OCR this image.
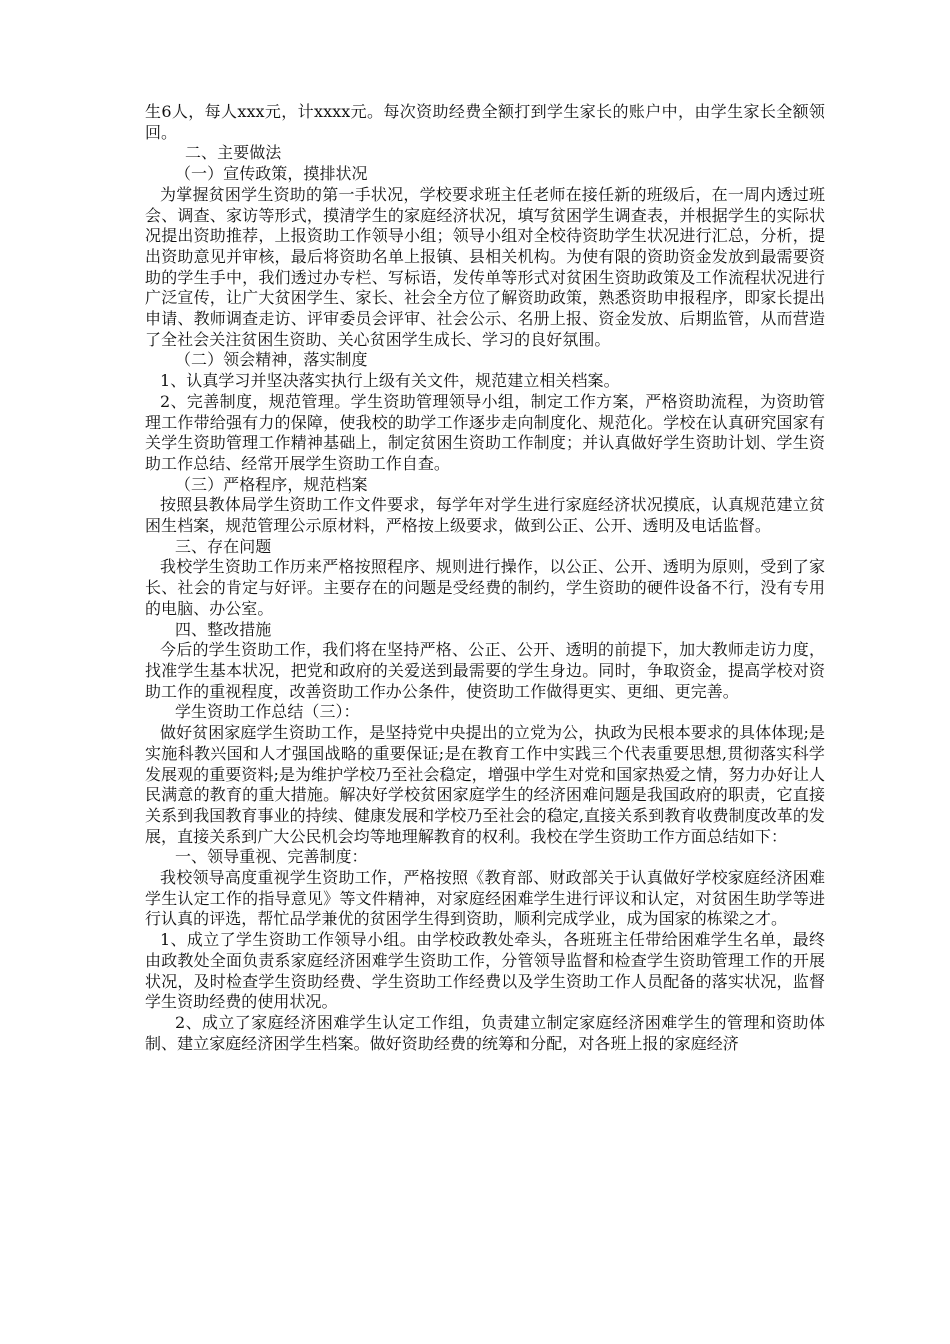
生6人，每人xxx元，计xxxx元。每次资助经费全额打到学生家长的账户中，由学生家长全额领回。

二、主要做法

（一）宣传政策，摸排状况

为掌握贫困学生资助的第一手状况，学校要求班主任老师在接任新的班级后，在一周内透过班会、调查、家访等形式，摸清学生的家庭经济状况，填写贫困学生调查表，并根据学生的实际状况提出资助推荐，上报资助工作领导小组；领导小组对全校待资助学生状况进行汇总，分析，提出资助意见并审核，最后将资助名单上报镇、县相关机构。为使有限的资助资金发放到最需要资助的学生手中，我们透过办专栏、写标语，发传单等形式对贫困生资助政策及工作流程状况进行广泛宣传，让广大贫困学生、家长、社会全方位了解资助政策，熟悉资助申报程序，即家长提出申请、教师调查走访、评审委员会评审、社会公示、名册上报、资金发放、后期监管，从而营造了全社会关注贫困生资助、关心贫困学生成长、学习的良好氛围。

（二）领会精神，落实制度

1、认真学习并坚决落实执行上级有关文件，规范建立相关档案。

2、完善制度，规范管理。学生资助管理领导小组，制定工作方案，严格资助流程，为资助管理工作带给强有力的保障，使我校的助学工作逐步走向制度化、规范化。学校在认真研究国家有关学生资助管理工作精神基础上，制定贫困生资助工作制度；并认真做好学生资助计划、学生资助工作总结、经常开展学生资助工作自查。

（三）严格程序，规范档案

按照县教体局学生资助工作文件要求，每学年对学生进行家庭经济状况摸底，认真规范建立贫困生档案，规范管理公示原材料，严格按上级要求，做到公正、公开、透明及电话监督。

三、存在问题

我校学生资助工作历来严格按照程序、规则进行操作，以公正、公开、透明为原则，受到了家长、社会的肯定与好评。主要存在的问题是受经费的制约，学生资助的硬件设备不行，没有专用的电脑、办公室。

四、整改措施

今后的学生资助工作，我们将在坚持严格、公正、公开、透明的前提下，加大教师走访力度，找准学生基本状况，把党和政府的关爱送到最需要的学生身边。同时，争取资金，提高学校对资助工作的重视程度，改善资助工作办公条件，使资助工作做得更实、更细、更完善。

学生资助工作总结（三）：

做好贫困家庭学生资助工作，是坚持党中央提出的立党为公，执政为民根本要求的具体体现;是实施科教兴国和人才强国战略的重要保证;是在教育工作中实践三个代表重要思想,贯彻落实科学发展观的重要资料;是为维护学校乃至社会稳定，增强中学生对党和国家热爱之情，努力办好让人民满意的教育的重大措施。解决好学校贫困家庭学生的经济困难问题是我国政府的职责，它直接关系到我国教育事业的持续、健康发展和学校乃至社会的稳定,直接关系到教育收费制度改革的发展，直接关系到广大公民机会均等地理解教育的权利。我校在学生资助工作方面总结如下：

一、领导重视、完善制度：

我校领导高度重视学生资助工作，严格按照《教育部、财政部关于认真做好学校家庭经济困难学生认定工作的指导意见》等文件精神，对家庭经困难学生进行评议和认定，对贫困生助学等进行认真的评选，帮忙品学兼优的贫困学生得到资助，顺利完成学业，成为国家的栋梁之才。

1、成立了学生资助工作领导小组。由学校政教处牵头，各班班主任带给困难学生名单，最终由政教处全面负责系家庭经济困难学生资助工作，分管领导监督和检查学生资助管理工作的开展状况，及时检查学生资助经费、学生资助工作经费以及学生资助工作人员配备的落实状况，监督学生资助经费的使用状况。

2、成立了家庭经济困难学生认定工作组，负责建立制定家庭经济困难学生的管理和资助体制、建立家庭经济困学生档案。做好资助经费的统筹和分配，对各班上报的家庭经济
